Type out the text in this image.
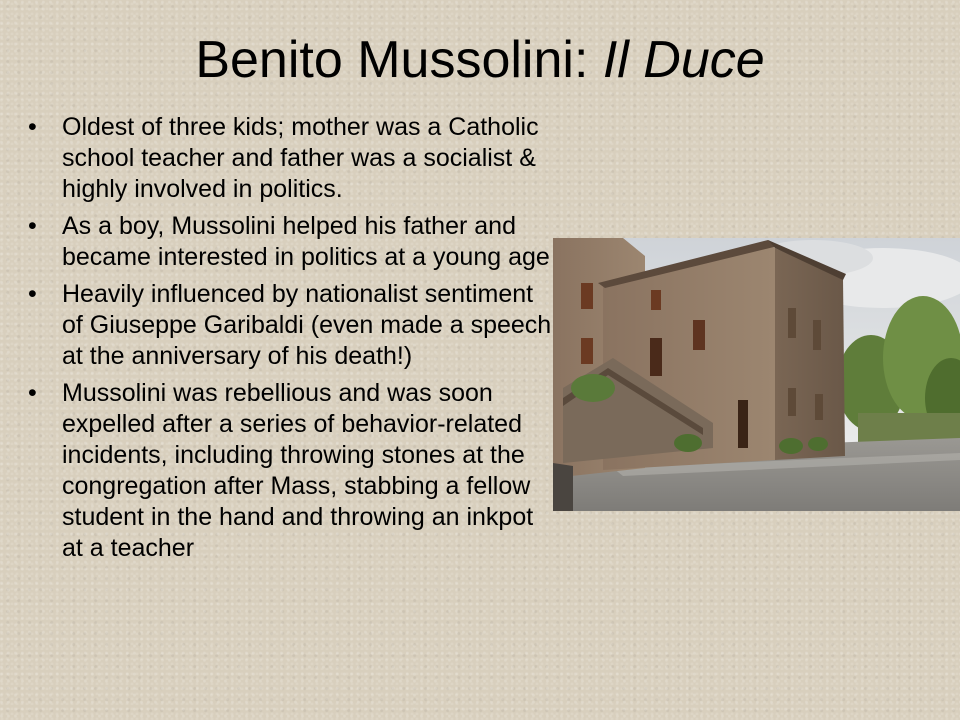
Benito Mussolini: Il Duce
• Oldest of three kids; mother was a Catholic school teacher and father was a socialist & highly involved in politics.
• As a boy, Mussolini helped his father and became interested in politics at a young age
• Heavily influenced by nationalist sentiment of Giuseppe Garibaldi (even made a speech at the anniversary of his death!)
• Mussolini was rebellious and was soon expelled after a series of behavior-related incidents, including throwing stones at the congregation after Mass, stabbing a fellow student in the hand and throwing an inkpot at a teacher
